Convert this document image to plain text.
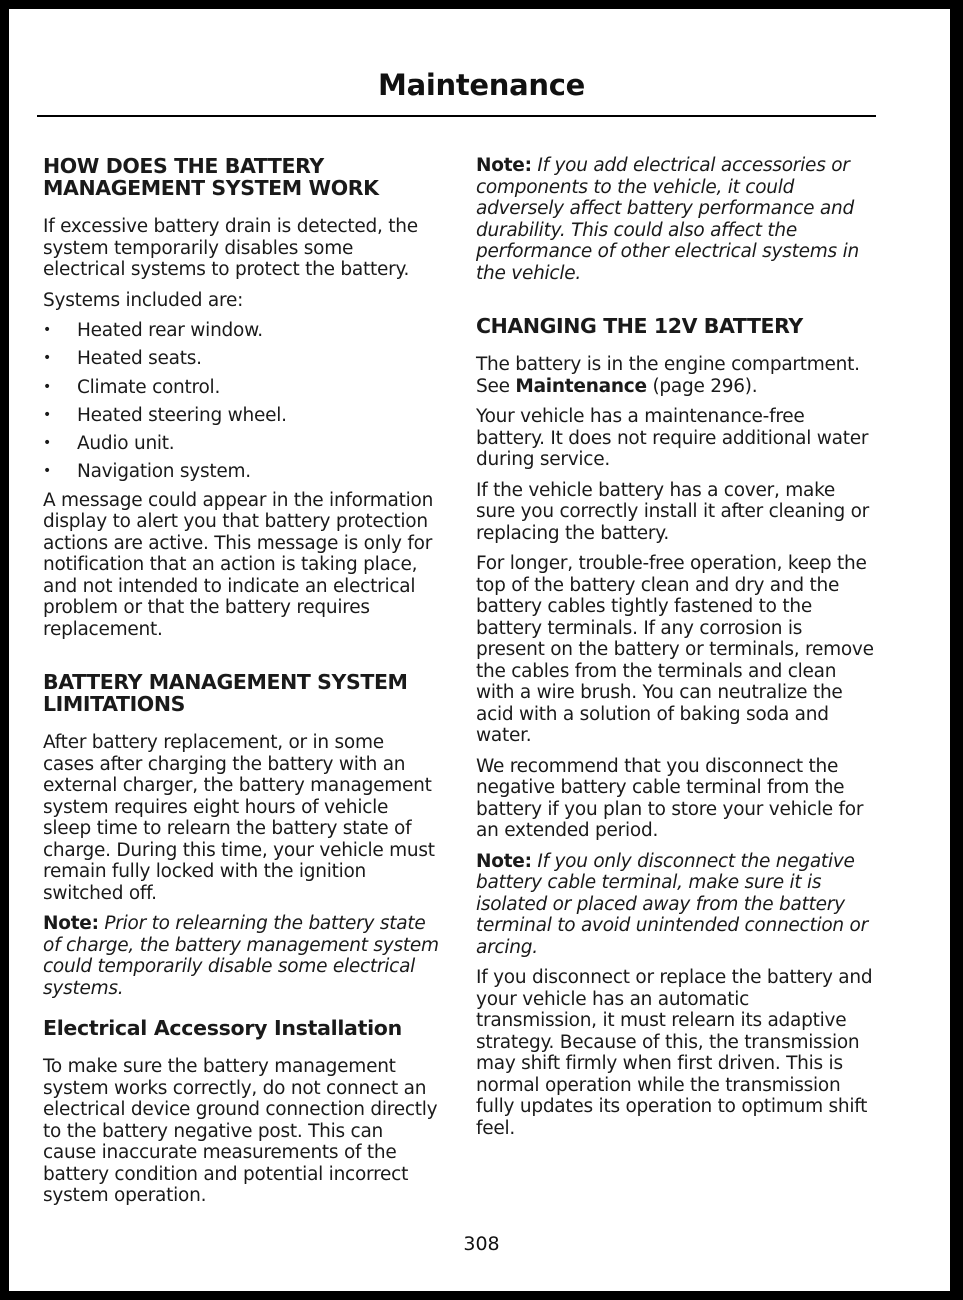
Maintenance
HOW DOES THE BATTERY MANAGEMENT SYSTEM WORK

If excessive battery drain is detected, the system temporarily disables some electrical systems to protect the battery.

Systems included are:

• Heated rear window.
• Heated seats.
• Climate control.
• Heated steering wheel.
• Audio unit.
• Navigation system.

A message could appear in the information display to alert you that battery protection actions are active. This message is only for notification that an action is taking place, and not intended to indicate an electrical problem or that the battery requires replacement.

BATTERY MANAGEMENT SYSTEM LIMITATIONS

After battery replacement, or in some cases after charging the battery with an external charger, the battery management system requires eight hours of vehicle sleep time to relearn the battery state of charge. During this time, your vehicle must remain fully locked with the ignition switched off.

Note: Prior to relearning the battery state of charge, the battery management system could temporarily disable some electrical systems.

Electrical Accessory Installation

To make sure the battery management system works correctly, do not connect an electrical device ground connection directly to the battery negative post. This can cause inaccurate measurements of the battery condition and potential incorrect system operation.

Note: If you add electrical accessories or components to the vehicle, it could adversely affect battery performance and durability. This could also affect the performance of other electrical systems in the vehicle.

CHANGING THE 12V BATTERY

The battery is in the engine compartment. See Maintenance (page 296).

Your vehicle has a maintenance-free battery. It does not require additional water during service.

If the vehicle battery has a cover, make sure you correctly install it after cleaning or replacing the battery.

For longer, trouble-free operation, keep the top of the battery clean and dry and the battery cables tightly fastened to the battery terminals. If any corrosion is present on the battery or terminals, remove the cables from the terminals and clean with a wire brush. You can neutralize the acid with a solution of baking soda and water.

We recommend that you disconnect the negative battery cable terminal from the battery if you plan to store your vehicle for an extended period.

Note: If you only disconnect the negative battery cable terminal, make sure it is isolated or placed away from the battery terminal to avoid unintended connection or arcing.

If you disconnect or replace the battery and your vehicle has an automatic transmission, it must relearn its adaptive strategy. Because of this, the transmission may shift firmly when first driven. This is normal operation while the transmission fully updates its operation to optimum shift feel.

308
